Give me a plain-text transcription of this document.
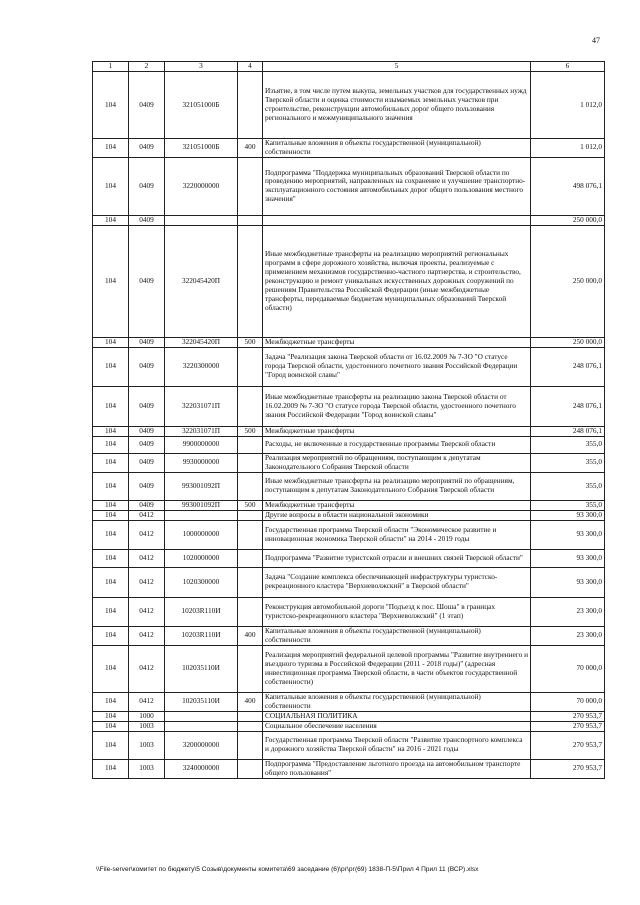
47
1	2	3	4	5	6
104	0409	321051000Б		Изъятие, в том числе путем выкупа, земельных участков для государственных нужд Тверской области и оценка стоимости изымаемых земельных участков при строительстве, реконструкции автомобильных дорог общего пользования регионального и межмуниципального значения	1 012,0
104	0409	321051000Б	400	Капитальные вложения в объекты государственной (муниципальной) собственности	1 012,0
104	0409	3220000000		Подпрограмма "Поддержка муниципальных образований Тверской области по проведению мероприятий, направленных на сохранение и улучшение транспортно-эксплуатационного состояния автомобильных дорог общего пользования местного значения"	498 076,1
104	0409				250 000,0
104	0409	322045420П		Иные межбюджетные трансферты на реализацию мероприятий региональных программ в сфере дорожного хозяйства, включая проекты, реализуемые с применением механизмов государственно-частного партнерства, и строительство, реконструкцию и ремонт уникальных искусственных дорожных сооружений по решениям Правительства Российской Федерации (иные межбюджетные трансферты, передаваемые бюджетам муниципальных образований Тверской области)	250 000,0
104	0409	322045420П	500	Межбюджетные трансферты	250 000,0
104	0409	3220300000		Задача "Реализация закона Тверской области от 16.02.2009 № 7-ЗО "О статусе города Тверской области, удостоенного почетного звания Российской Федерации "Город воинской славы"	248 076,1
104	0409	322031071П		Иные межбюджетные трансферты на реализацию закона Тверской области от 16.02.2009 № 7-ЗО "О статусе города Тверской области, удостоенного почетного звания Российской Федерации "Город воинской славы"	248 076,1
104	0409	322031071П	500	Межбюджетные трансферты	248 076,1
104	0409	9900000000		Расходы, не включенные в государственные программы Тверской области	355,0
104	0409	9930000000		Реализация мероприятий по обращениям, поступающим к депутатам Законодательного Собрания Тверской области	355,0
104	0409	993001092П		Иные межбюджетные трансферты на реализацию мероприятий по обращениям, поступающим к депутатам Законодательного Собрания Тверской области	355,0
104	0409	993001092П	500	Межбюджетные трансферты	355,0
104	0412			Другие вопросы в области национальной экономики	93 300,0
104	0412	1000000000		Государственная программа Тверской области "Экономическое развитие и инновационная экономика Тверской области" на 2014 - 2019 годы	93 300,0
104	0412	1020000000		Подпрограмма "Развитие туристской отрасли и внешних связей Тверской области"	93 300,0
104	0412	1020300000		Задача "Создание комплекса обеспечивающей инфраструктуры туристско-рекреационного кластера "Верхневолжский" в Тверской области"	93 300,0
104	0412	10203R110И		Реконструкция автомобильной дороги "Подъезд к пос. Шоша" в границах туристско-рекреационного кластера "Верхневолжский" (1 этап)	23 300,0
104	0412	10203R110И	400	Капитальные вложения в объекты государственной (муниципальной) собственности	23 300,0
104	0412	102035110И		Реализация мероприятий федеральной целевой программы "Развитие внутреннего и въездного туризма в Российской Федерации (2011 - 2018 годы)" (адресная инвестиционная программа Тверской области, в части объектов государственной собственности)	70 000,0
104	0412	102035110И	400	Капитальные вложения в объекты государственной (муниципальной) собственности	70 000,0
104	1000			СОЦИАЛЬНАЯ ПОЛИТИКА	270 953,7
104	1003			Социальное обеспечение населения	270 953,7
104	1003	3200000000		Государственная программа Тверской области "Развитие транспортного комплекса и дорожного хозяйства Тверской области" на 2016 - 2021 годы	270 953,7
104	1003	3240000000		Подпрограмма "Предоставление льготного проезда на автомобильном транспорте общего пользования"	270 953,7
\\File-server\комитет по бюджету\5 Созыв\документы комитета\69 заседание (6)\рг\рг(69) 1838-П-5\Прил 4 Прил 11 (ВСР).xlsx
